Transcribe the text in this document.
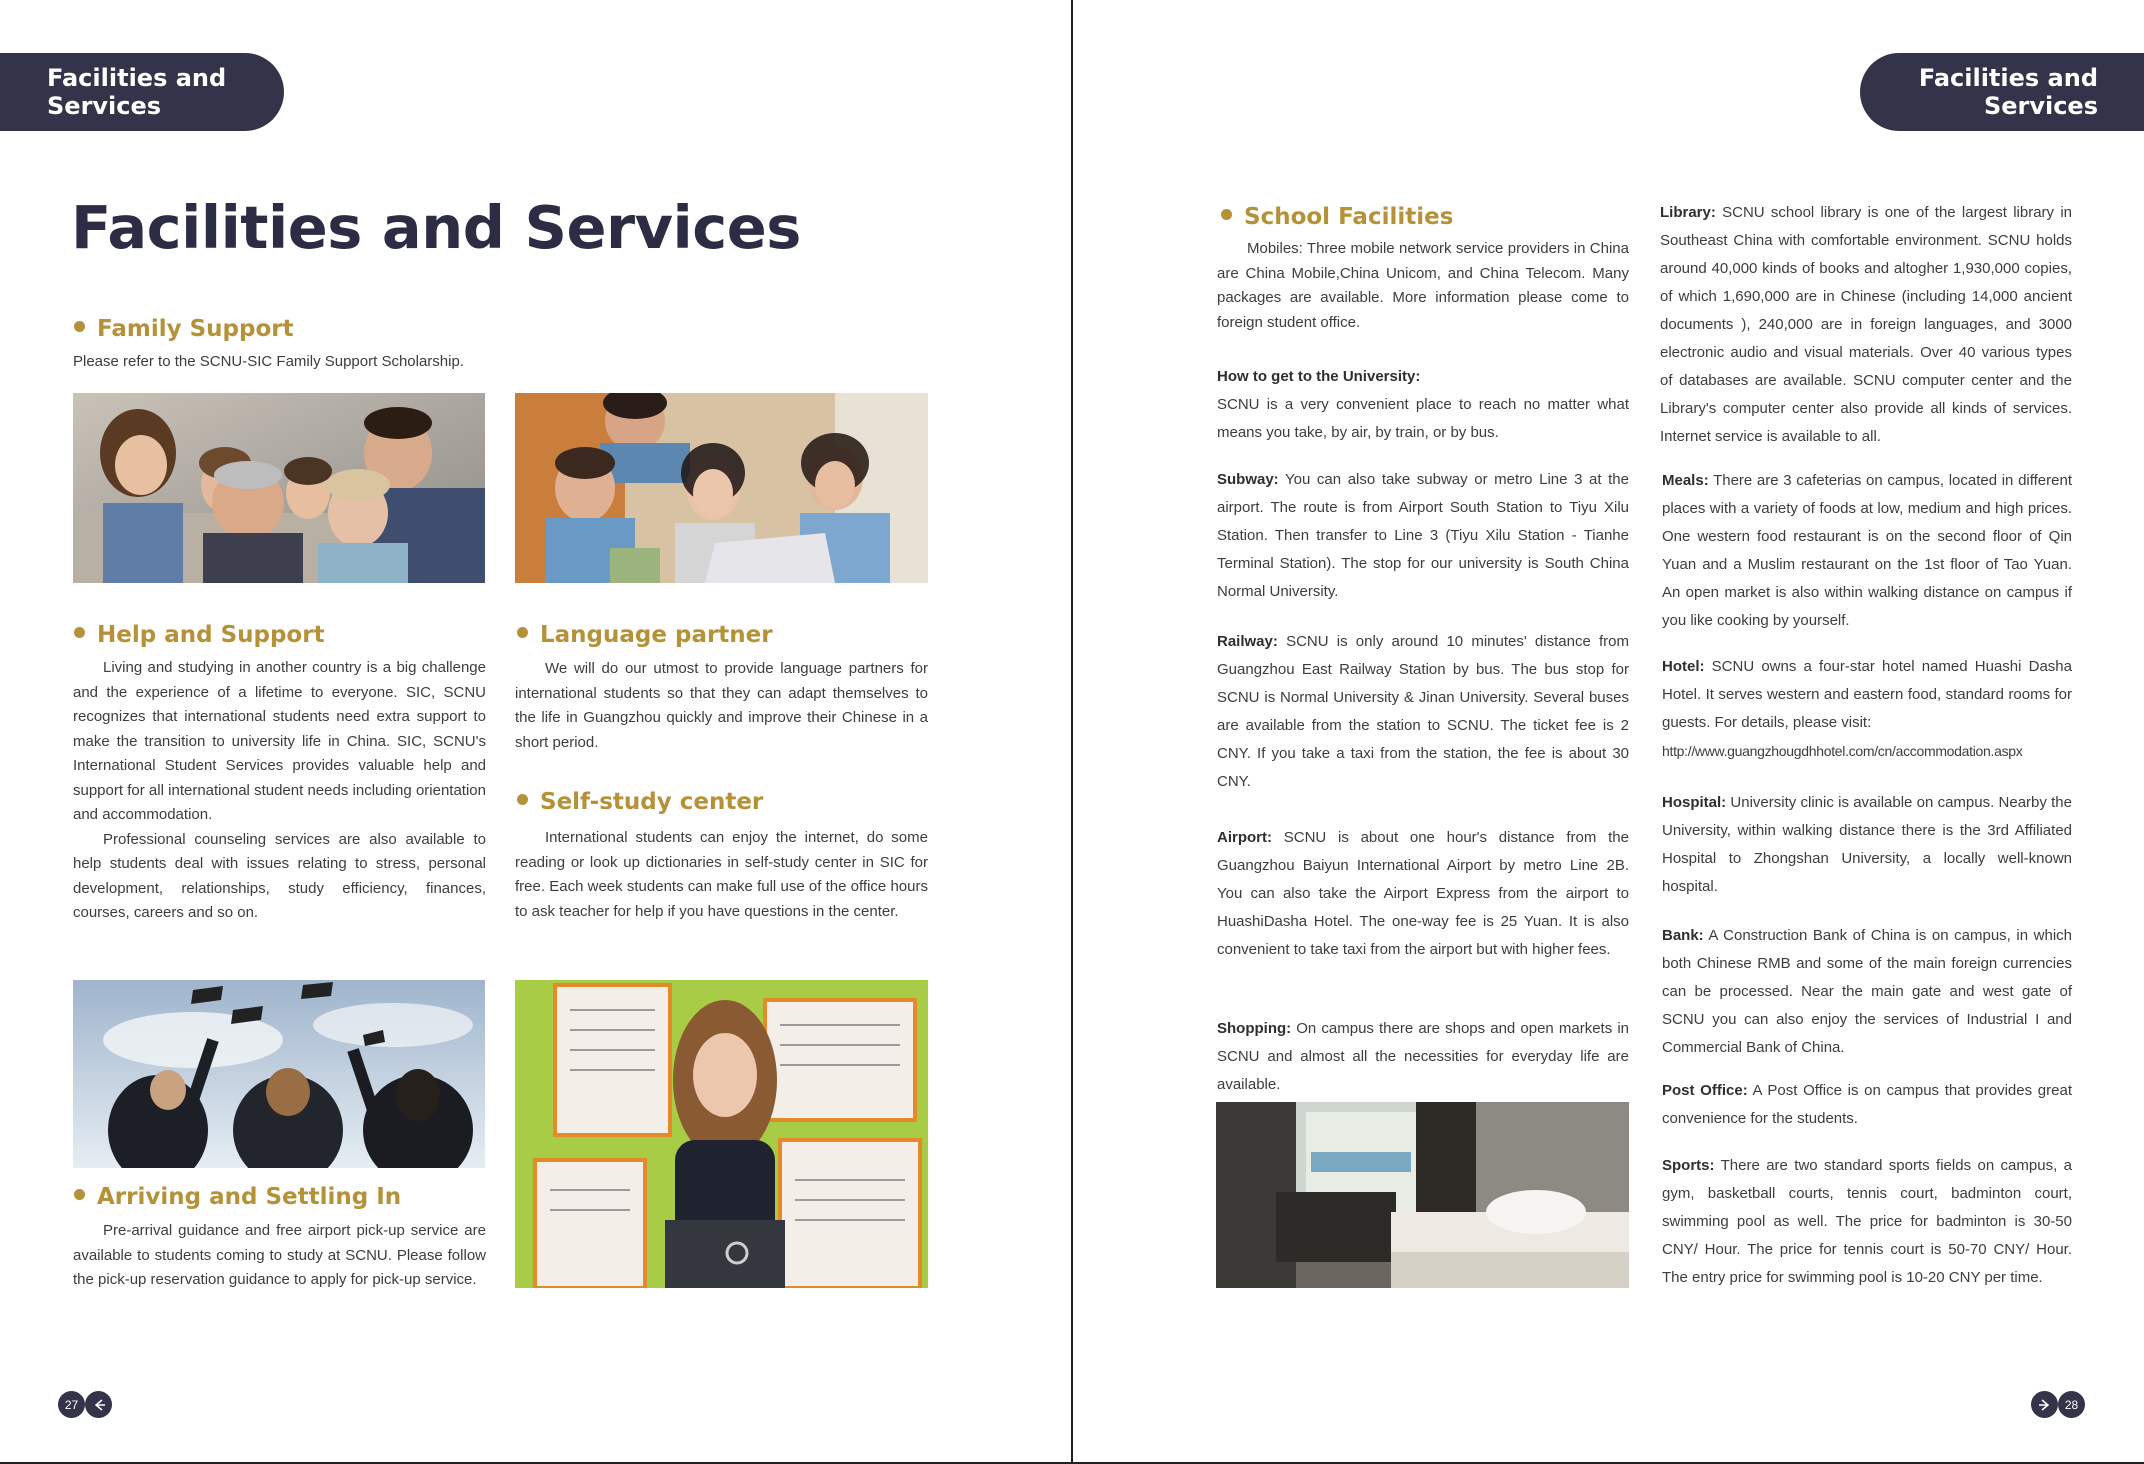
Facilities and
Services
Facilities and Services
Family Support

Please refer to the SCNU-SIC Family Support Scholarship.

Help and Support

Living and studying in another country is a big challenge and the experience of a lifetime to everyone. SIC, SCNU recognizes that international students need extra support to make the transition to university life in China. SIC, SCNU's International Student Services provides valuable help and support for all international student needs including orientation and accommodation.

Professional counseling services are also available to help students deal with issues relating to stress, personal development, relationships, study efficiency, finances, courses, careers and so on.

Language partner

We will do our utmost to provide language partners for international students so that they can adapt themselves to the life in Guangzhou quickly and improve their Chinese in a short period.

Self-study center

International students can enjoy the internet, do some reading or look up dictionaries in self-study center in SIC for free. Each week students can make full use of the office hours to ask teacher for help if you have questions in the center.

Arriving and Settling In

Pre-arrival guidance and free airport pick-up service are available to students coming to study at SCNU. Please follow the pick-up reservation guidance to apply for pick-up service.

27
Facilities and
Services
School Facilities

Mobiles: Three mobile network service providers in China are China Mobile,China Unicom, and China Telecom. Many packages are available. More information please come to foreign student office.

How to get to the University:
SCNU is a very convenient place to reach no matter what means you take, by air, by train, or by bus.
Subway: You can also take subway or metro Line 3 at the airport. The route is from Airport South Station to Tiyu Xilu Station. Then transfer to Line 3 (Tiyu Xilu Station - Tianhe Terminal Station). The stop for our university is South China Normal University.
Railway: SCNU is only around 10 minutes' distance from Guangzhou East Railway Station by bus. The bus stop for SCNU is Normal University & Jinan University. Several buses are available from the station to SCNU. The ticket fee is 2 CNY. If you take a taxi from the station, the fee is about 30 CNY.
Airport: SCNU is about one hour's distance from the Guangzhou Baiyun International Airport by metro Line 2B. You can also take the Airport Express from the airport to HuashiDasha Hotel. The one-way fee is 25 Yuan. It is also convenient to take taxi from the airport but with higher fees.
Shopping: On campus there are shops and open markets in SCNU and almost all the necessities for everyday life are available.
Library: SCNU school library is one of the largest library in Southeast China with comfortable environment. SCNU holds around 40,000 kinds of books and altogher 1,930,000 copies, of which 1,690,000 are in Chinese (including 14,000 ancient documents ), 240,000 are in foreign languages, and 3000 electronic audio and visual materials. Over 40 various types of databases are available. SCNU computer center and the Library's computer center also provide all kinds of services. Internet service is available to all.
Meals: There are 3 cafeterias on campus, located in different places with a variety of foods at low, medium and high prices. One western food restaurant is on the second floor of Qin Yuan and a Muslim restaurant on the 1st floor of Tao Yuan. An open market is also within walking distance on campus if you like cooking by yourself.
Hotel: SCNU owns a four-star hotel named Huashi Dasha Hotel. It serves western and eastern food, standard rooms for guests. For details, please visit:
http://www.guangzhougdhhotel.com/cn/accommodation.aspx
Hospital: University clinic is available on campus. Nearby the University, within walking distance there is the 3rd Affiliated Hospital to Zhongshan University, a locally well-known hospital.
Bank: A Construction Bank of China is on campus, in which both Chinese RMB and some of the main foreign currencies can be processed. Near the main gate and west gate of SCNU you can also enjoy the services of Industrial I and Commercial Bank of China.
Post Office: A Post Office is on campus that provides great convenience for the students.
Sports: There are two standard sports fields on campus, a gym, basketball courts, tennis court, badminton court, swimming pool as well. The price for badminton is 30-50 CNY/ Hour. The price for tennis court is 50-70 CNY/ Hour. The entry price for swimming pool is 10-20 CNY per time.
28
